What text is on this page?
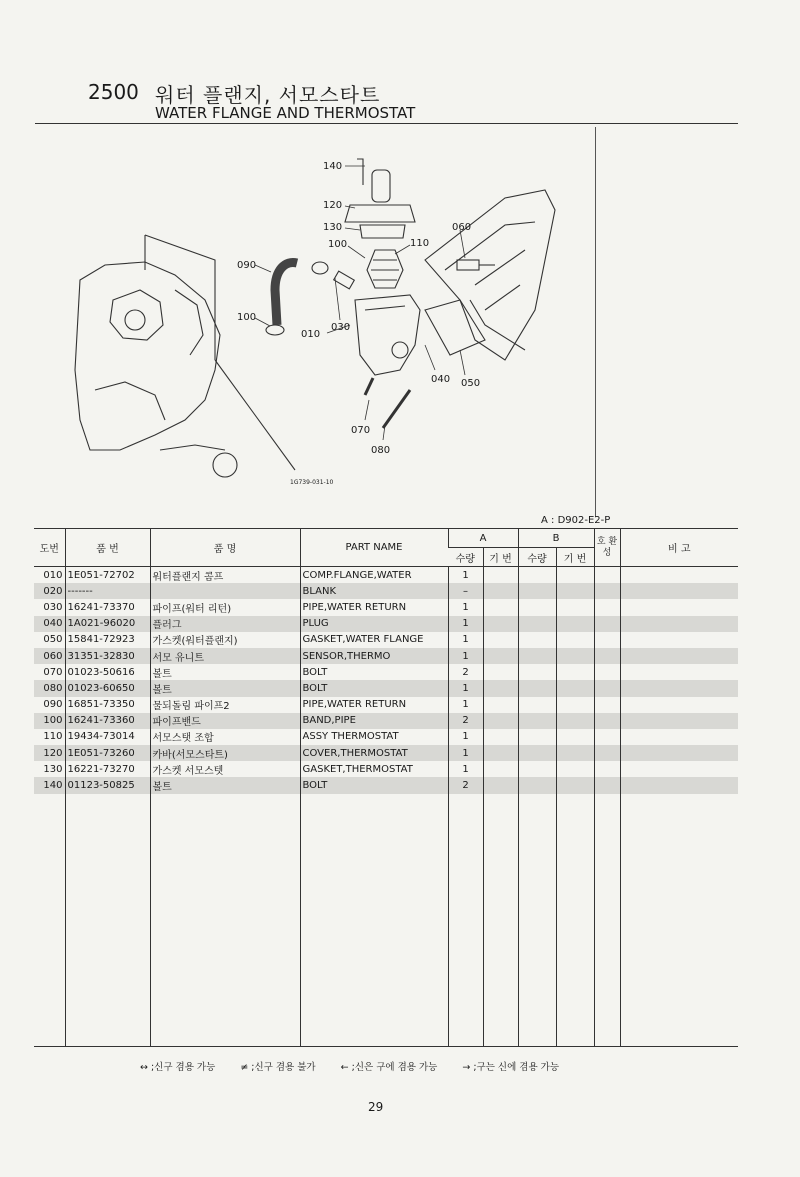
2500 워터 플랜지, 서모스타트
WATER FLANGE AND THERMOSTAT
140
120
130
100	110
060
090
100
010
030
040 050
070
080
1G739-031-10
A : D902-E2-P
도번	품 번	품 명	PART NAME	A		B		호 환 성	비 고
				수량	기 번	수량	기 번		
010	1E051-72702	워터플랜지 콤프	COMP.FLANGE,WATER	1					
020	-------		BLANK	–					
030	16241-73370	파이프(워터 리턴)	PIPE,WATER RETURN	1					
040	1A021-96020	플러그	PLUG	1					
050	15841-72923	가스켓(워터플랜지)	GASKET,WATER FLANGE	1					
060	31351-32830	서모 유니트	SENSOR,THERMO	1					
070	01023-50616	볼트	BOLT	2					
080	01023-60650	볼트	BOLT	1					
090	16851-73350	물되돌림 파이프2	PIPE,WATER RETURN	1					
100	16241-73360	파이프밴드	BAND,PIPE	2					
110	19434-73014	서모스탯 조합	ASSY THERMOSTAT	1					
120	1E051-73260	카바(서모스타트)	COVER,THERMOSTAT	1					
130	16221-73270	가스켓 서모스텟	GASKET,THERMOSTAT	1					
140	01123-50825	볼트	BOLT	2					

↔ ;신구 겸용 가능	≠ ;신구 겸용 불가	← ;신은 구에 겸용 가능	→ ;구는 신에 겸용 가능
29
